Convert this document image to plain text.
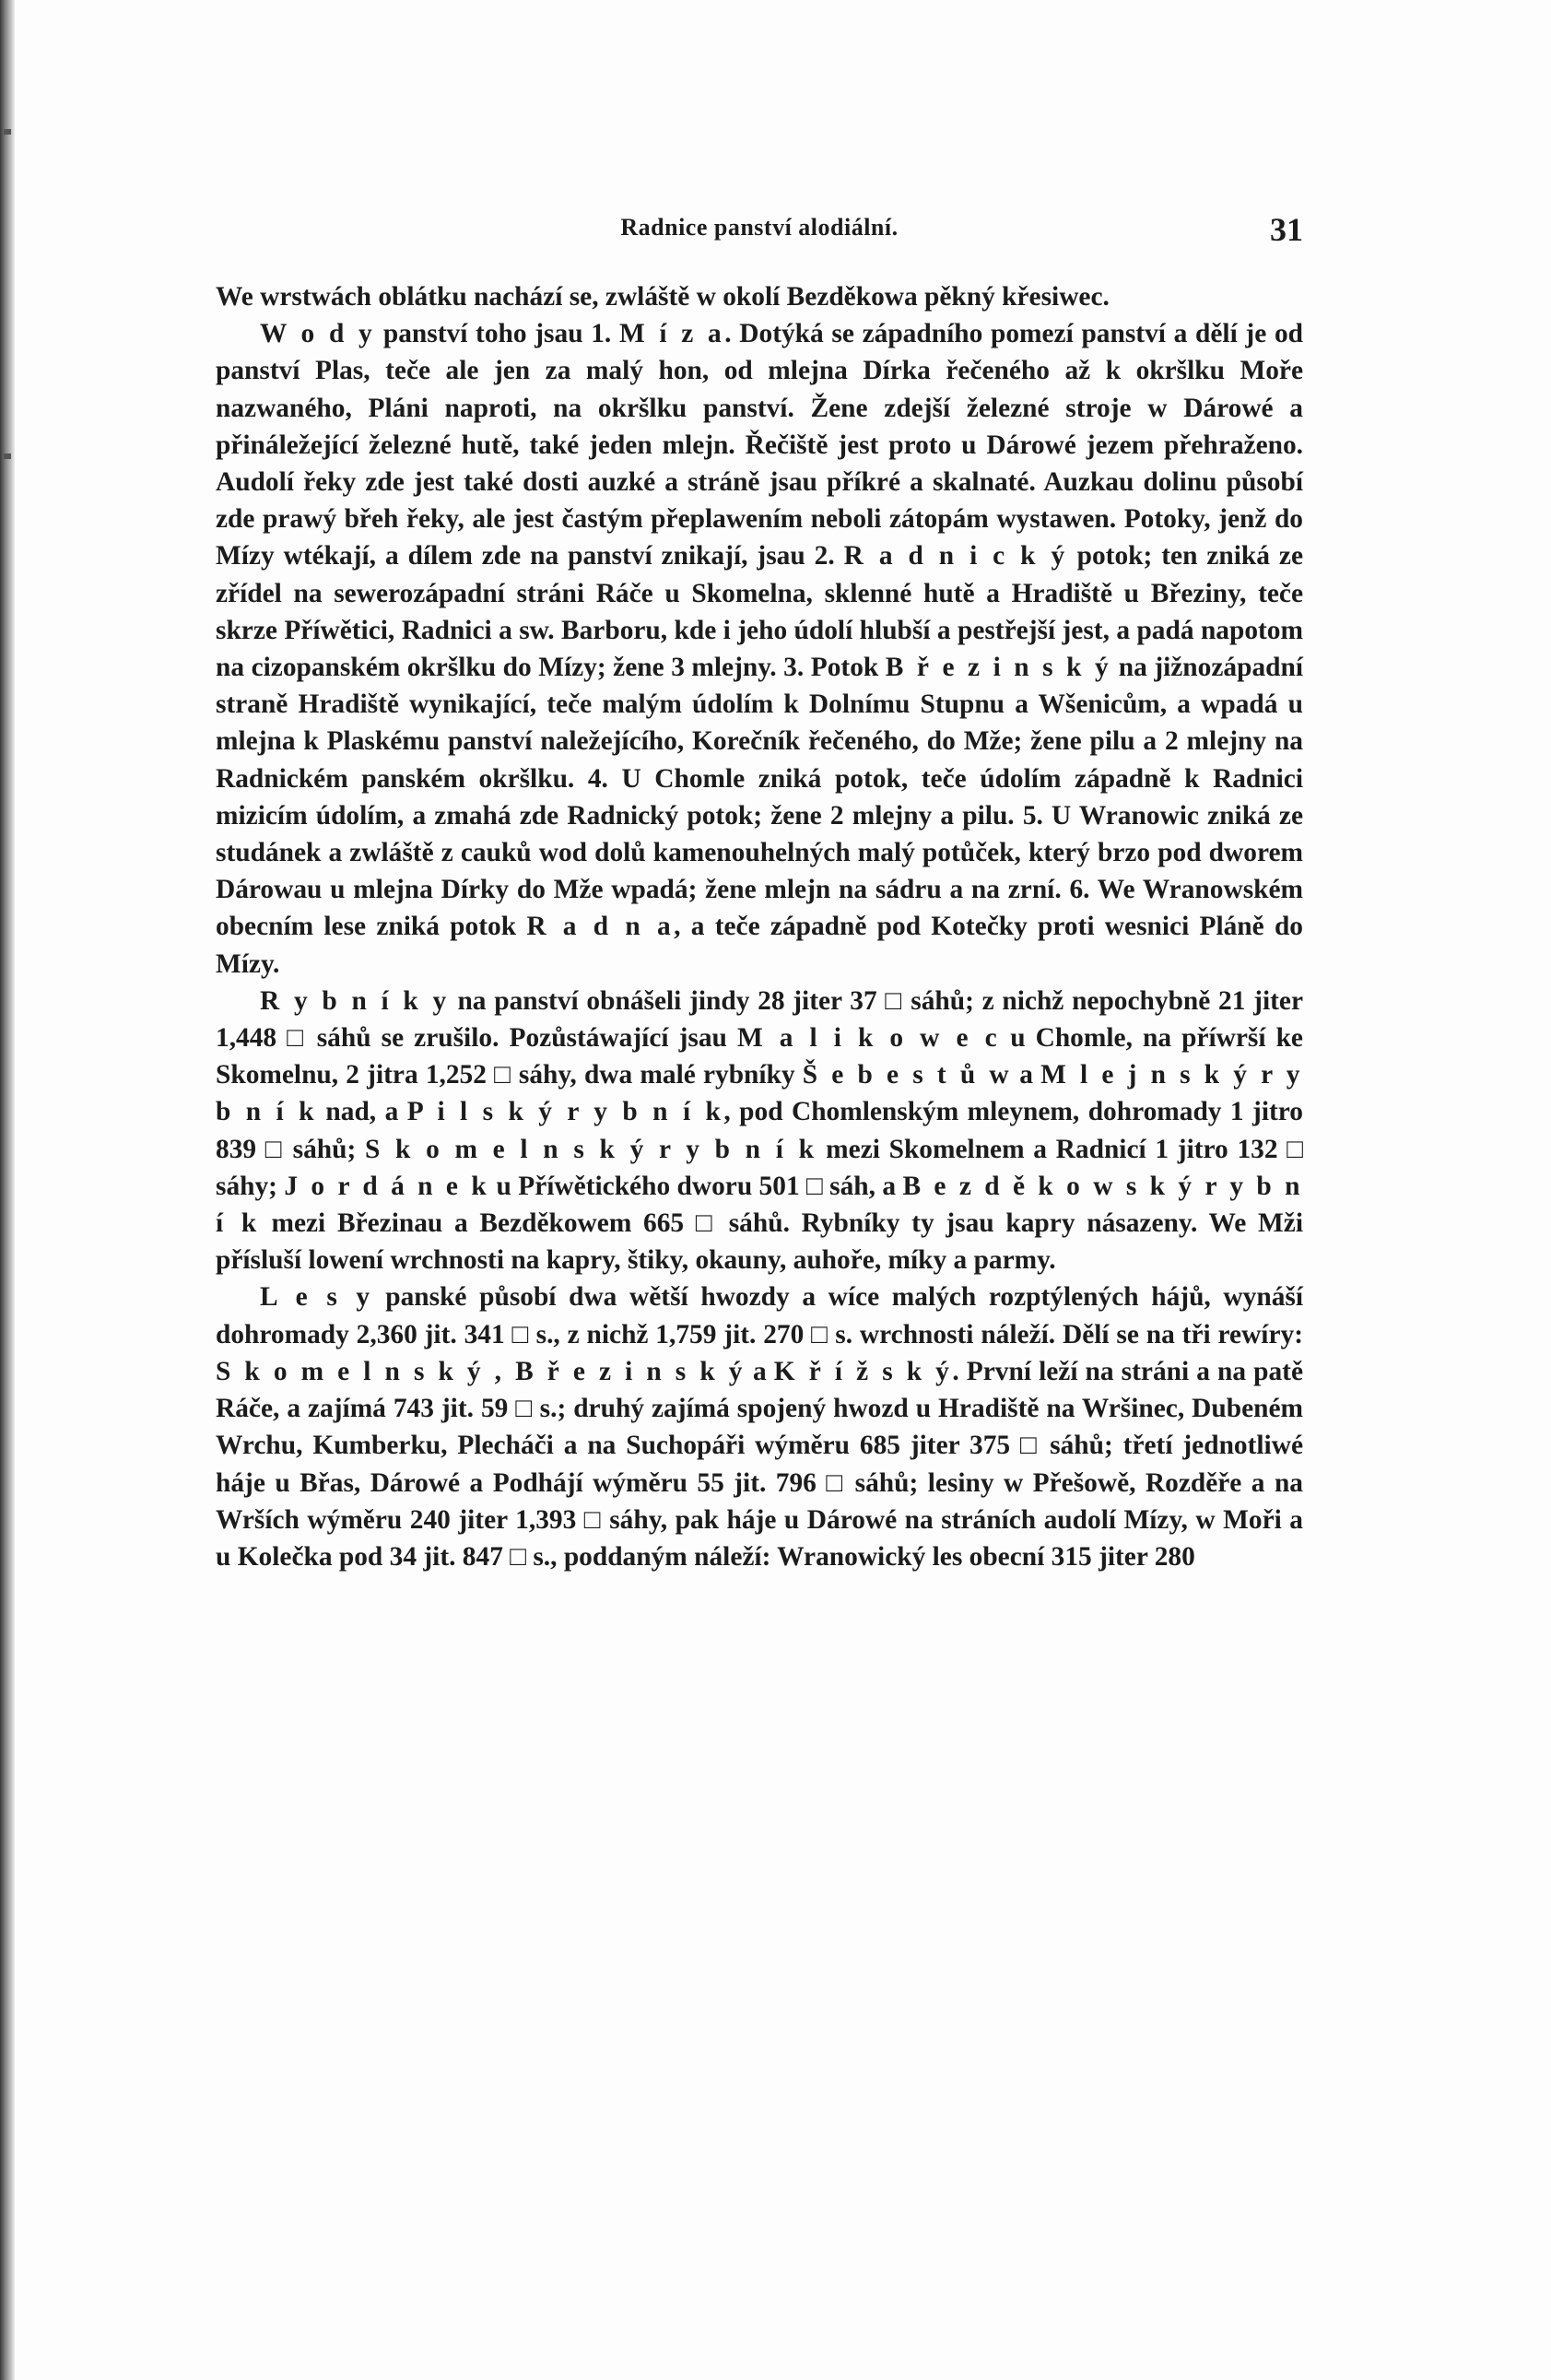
Radnice panství alodiální.	31

We wrstwách oblátku nachází se, zwláště w okolí Bezděkowa pěkný křesiwec.

W o d y panství toho jsau 1. M í z a. Dotýká se západního pomezí panství a dělí je od panství Plas, teče ale jen za malý hon, od mlejna Dírka řečeného až k okršlku Moře nazwaného, Pláni naproti, na okršlku panství. Žene zdejší železné stroje w Dárowé a přináležející železné hutě, také jeden mlejn. Řečiště jest proto u Dárowé jezem přehraženo. Audolí řeky zde jest také dosti auzké a stráně jsau příkré a skalnaté. Auzkau dolinu působí zde prawý břeh řeky, ale jest častým přeplawením neboli zátopám wystawen. Potoky, jenž do Mízy wtékají, a dílem zde na panství znikají, jsau 2. R a d n i c k ý potok; ten zniká ze zřídel na sewerozápadní stráni Ráče u Skomelna, sklenné hutě a Hradiště u Březiny, teče skrze Příwětici, Radnici a sw. Barboru, kde i jeho údolí hlubší a pestřejší jest, a padá napotom na cizopanském okršlku do Mízy; žene 3 mlejny. 3. Potok B ř e z i n s k ý na jižnozápadní straně Hradiště wynikající, teče malým údolím k Dolnímu Stupnu a Wšenicům, a wpadá u mlejna k Plaskému panství naležejícího, Korečník řečeného, do Mže; žene pilu a 2 mlejny na Radnickém panském okršlku. 4. U Chomle zniká potok, teče údolím západně k Radnici mizicím údolím, a zmahá zde Radnický potok; žene 2 mlejny a pilu. 5. U Wranowic zniká ze studánek a zwláště z cauků wod dolů kamenouhelných malý potůček, který brzo pod dworem Dárowau u mlejna Dírky do Mže wpadá; žene mlejn na sádru a na zrní. 6. We Wranowském obecním lese zniká potok R a d n a, a teče západně pod Kotečky proti wesnici Pláně do Mízy.

R y b n í k y na panství obnášeli jindy 28 jiter 37 □ sáhů; z nichž nepochybně 21 jiter 1,448 □ sáhů se zrušilo. Pozůstáwající jsau M a l i k o w e c u Chomle, na příwrší ke Skomelnu, 2 jitra 1,252 □ sáhy, dwa malé rybníky Š e b e s t ů w a M l e j n s k ý r y b n í k nad, a P i l s k ý r y b n í k, pod Chomlenským mleynem, dohromady 1 jitro 839 □ sáhů; S k o m e l n s k ý r y b n í k mezi Skomelnem a Radnicí 1 jitro 132 □ sáhy; J o r d á n e k u Příwětického dworu 501 □ sáh, a B e z d ě k o w s k ý r y b n í k mezi Březinau a Bezděkowem 665 □ sáhů. Rybníky ty jsau kapry násazeny. We Mži přísluší lowení wrchnosti na kapry, štiky, okauny, auhoře, míky a parmy.

L e s y panské působí dwa wětší hwozdy a wíce malých rozptýlených hájů, wynáší dohromady 2,360 jit. 341 □ s., z nichž 1,759 jit. 270 □ s. wrchnosti náleží. Dělí se na tři rewíry: S k o m e l n s k ý , B ř e z i n s k ý a K ř í ž s k ý. První leží na stráni a na patě Ráče, a zajímá 743 jit. 59 □ s.; druhý zajímá spojený hwozd u Hradiště na Wršinec, Dubeném Wrchu, Kumberku, Plecháči a na Suchopáři wýměru 685 jiter 375 □ sáhů; třetí jednotliwé háje u Břas, Dárowé a Podhájí wýměru 55 jit. 796 □ sáhů; lesiny w Přešowě, Rozděře a na Wrších wýměru 240 jiter 1,393 □ sáhy, pak háje u Dárowé na stráních audolí Mízy, w Moři a u Kolečka pod 34 jit. 847 □ s., poddaným náleží: Wranowický les obecní 315 jiter 280
